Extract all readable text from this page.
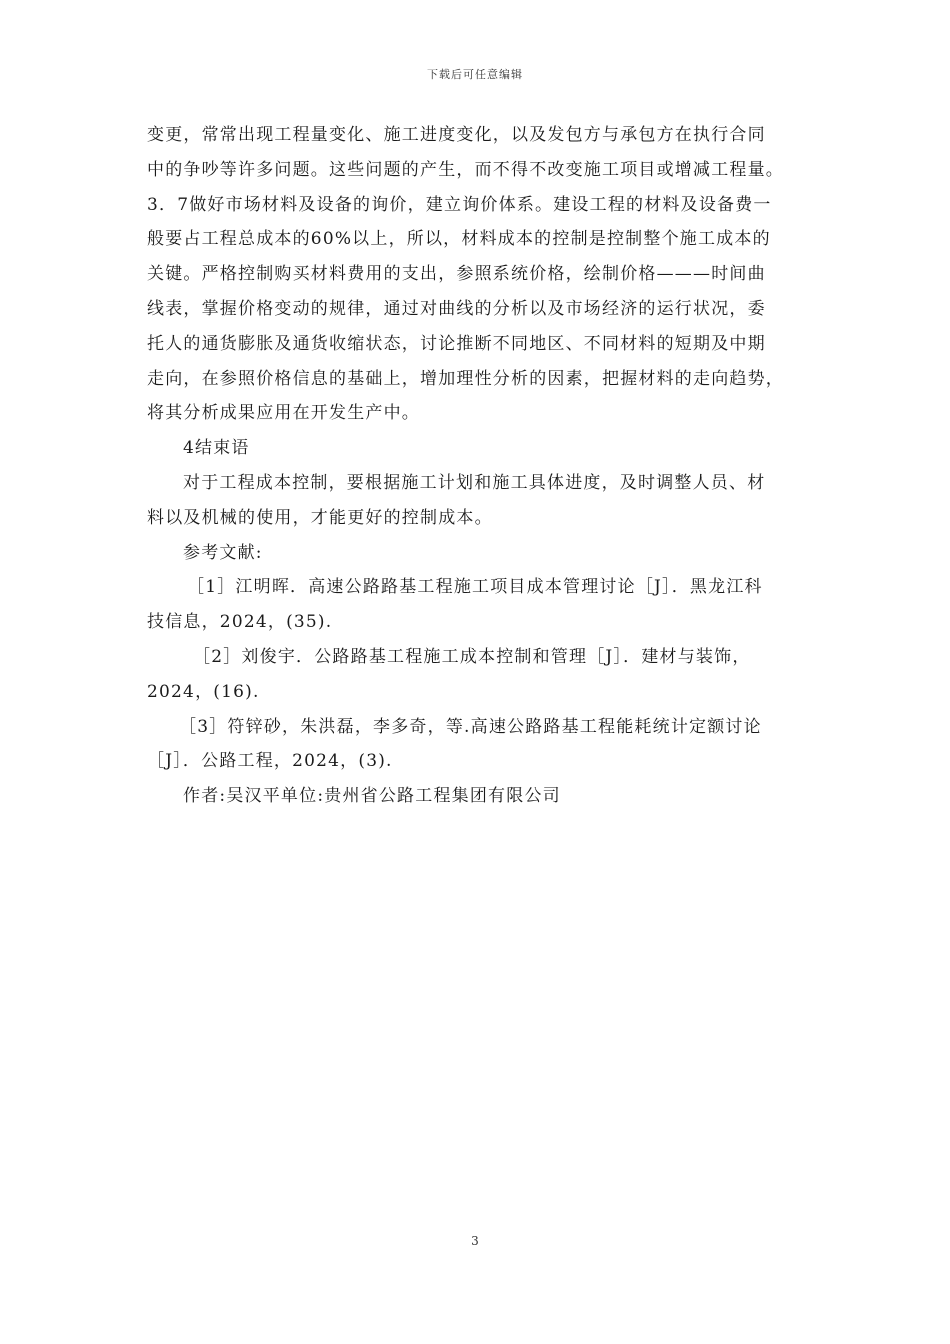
下载后可任意编辑
变更，常常出现工程量变化、施工进度变化，以及发包方与承包方在执行合同
中的争吵等许多问题。这些问题的产生，而不得不改变施工项目或增减工程量。
3．7做好市场材料及设备的询价，建立询价体系。建设工程的材料及设备费一
般要占工程总成本的60%以上，所以，材料成本的控制是控制整个施工成本的
关键。严格控制购买材料费用的支出，参照系统价格，绘制价格———时间曲
线表，掌握价格变动的规律，通过对曲线的分析以及市场经济的运行状况，委
托人的通货膨胀及通货收缩状态，讨论推断不同地区、不同材料的短期及中期
走向，在参照价格信息的基础上，增加理性分析的因素，把握材料的走向趋势，
将其分析成果应用在开发生产中。
4结束语
对于工程成本控制，要根据施工计划和施工具体进度，及时调整人员、材
料以及机械的使用，才能更好的控制成本。
参考文献:
［1］江明晖．高速公路路基工程施工项目成本管理讨论［J］．黑龙江科
技信息，2024，(35).
［2］刘俊宇．公路路基工程施工成本控制和管理［J］．建材与装饰，
2024，(16).
［3］符锌砂，朱洪磊，李多奇，等.高速公路路基工程能耗统计定额讨论
［J］．公路工程，2024，(3).
作者:吴汉平单位:贵州省公路工程集团有限公司
3
